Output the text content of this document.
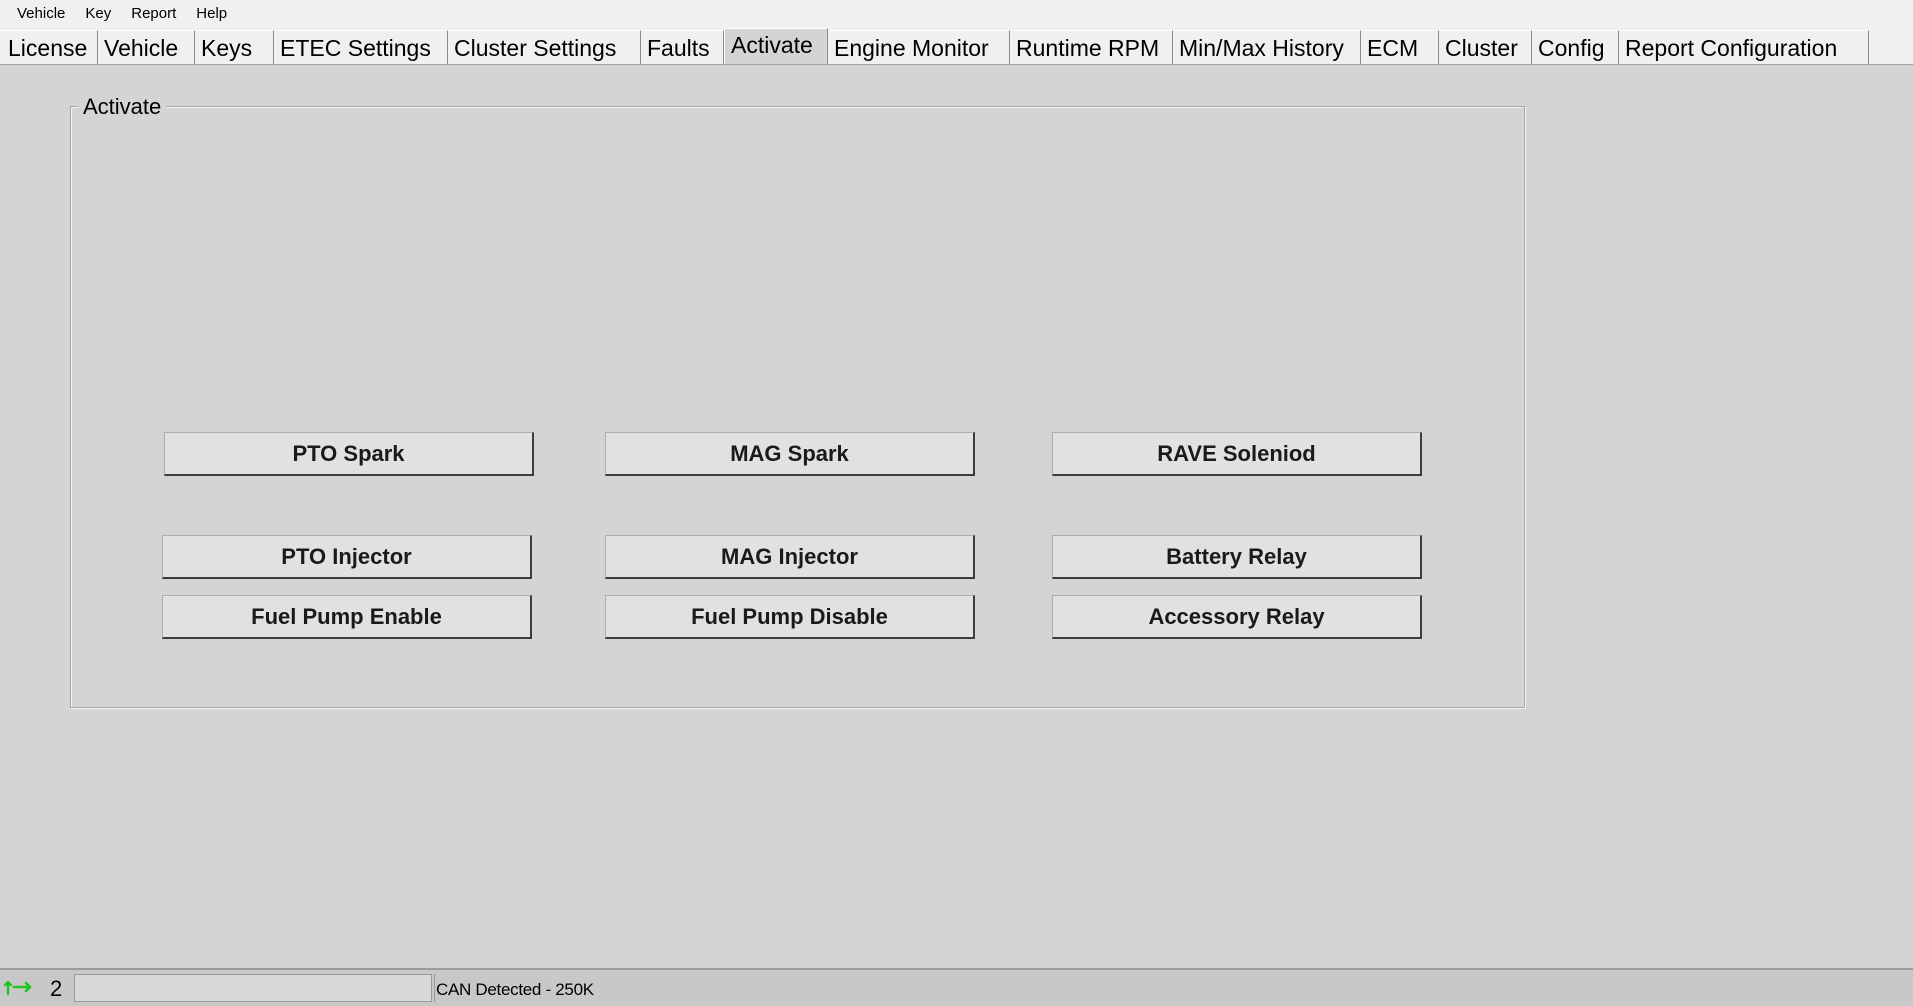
Vehicle	Key	Report	Help
License Vehicle Keys	ETEC Settings	Cluster Settings	Faults Activate Engine Monitor	Runtime RPM Min/Max History	ECM	Cluster Config Report Configuration
Activate
PTO Spark	MAG Spark	RAVE Soleniod
PTO Injector	MAG Injector	Battery Relay
Fuel Pump Enable	Fuel Pump Disable	Accessory Relay
2	CAN Detected - 250K
